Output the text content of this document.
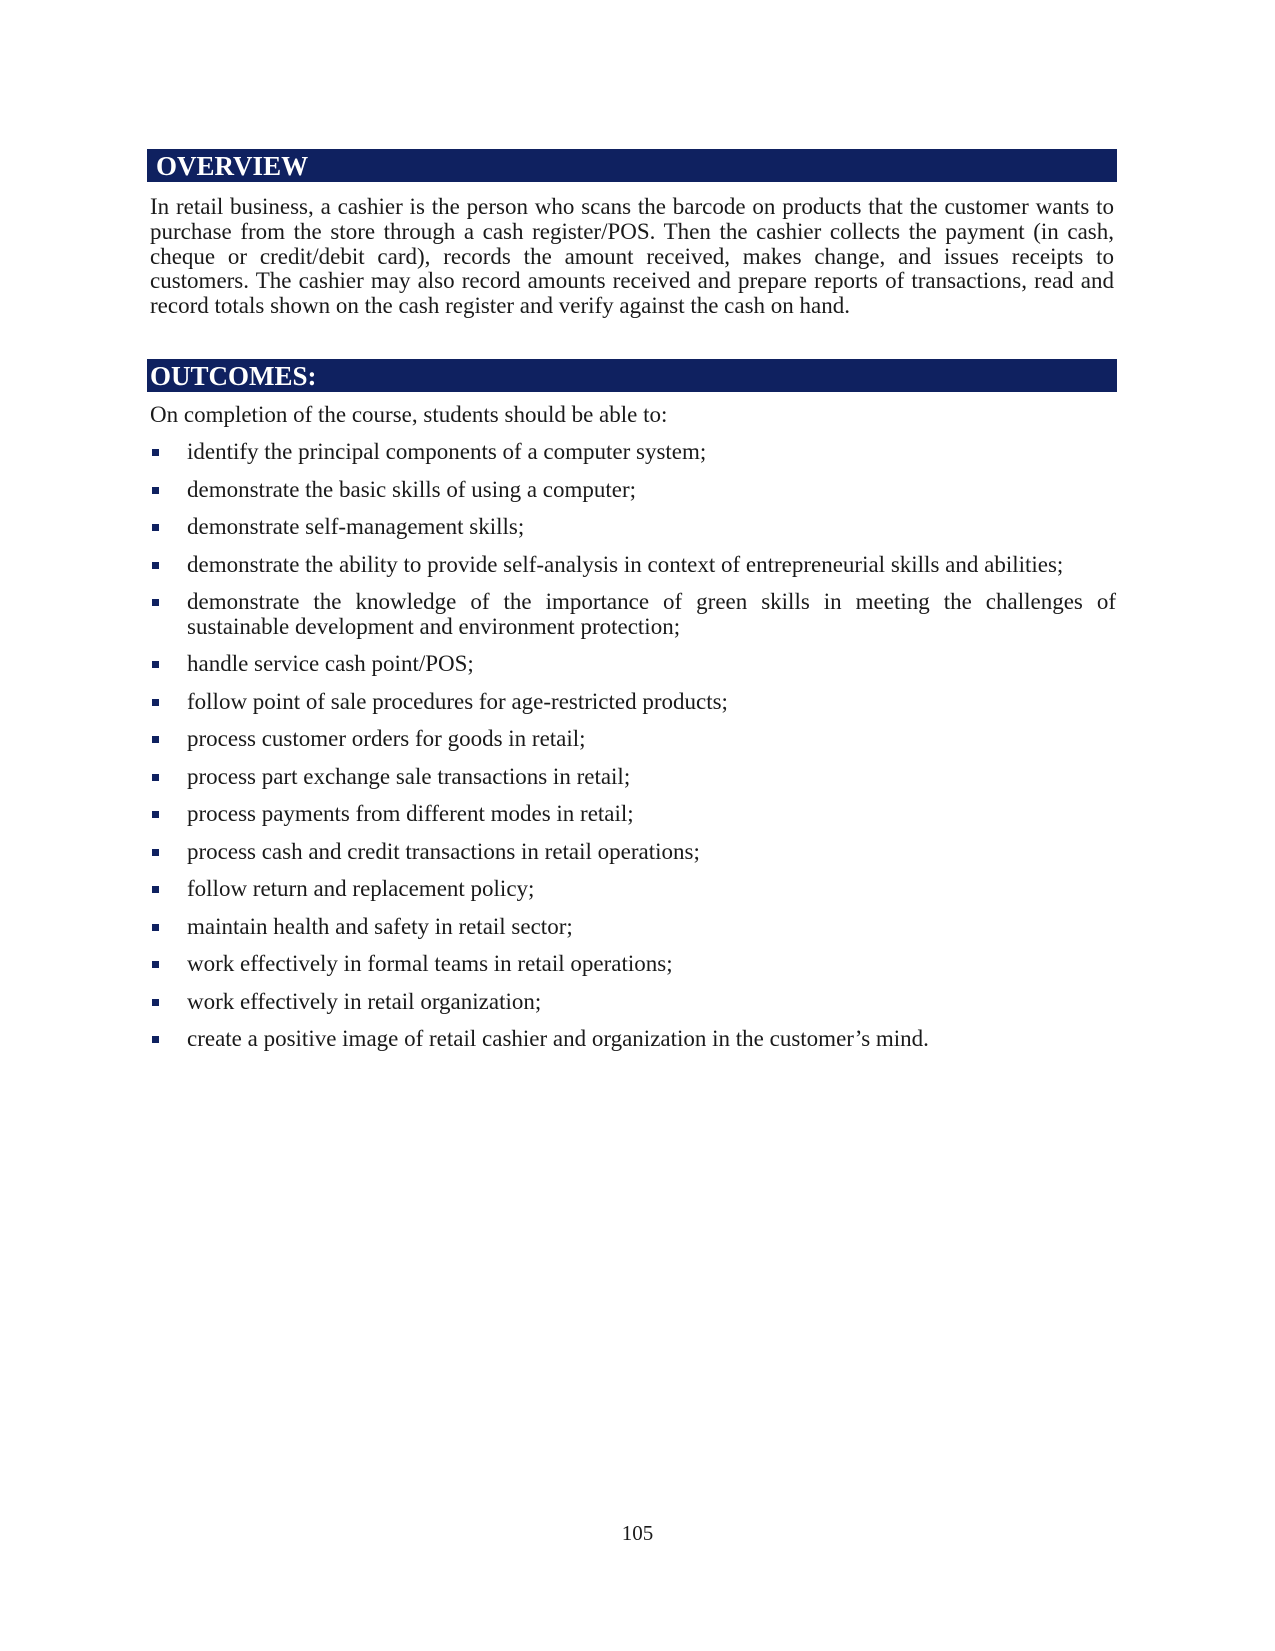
OVERVIEW

In retail business, a cashier is the person who scans the barcode on products that the customer wants to purchase from the store through a cash register/POS. Then the cashier collects the payment (in cash, cheque or credit/debit card), records the amount received, makes change, and issues receipts to customers. The cashier may also record amounts received and prepare reports of transactions, read and record totals shown on the cash register and verify against the cash on hand.

OUTCOMES:

On completion of the course, students should be able to:

identify the principal components of a computer system;
demonstrate the basic skills of using a computer;
demonstrate self-management skills;
demonstrate the ability to provide self-analysis in context of entrepreneurial skills and abilities;
demonstrate the knowledge of the importance of green skills in meeting the challenges of sustainable development and environment protection;
handle service cash point/POS;
follow point of sale procedures for age-restricted products;
process customer orders for goods in retail;
process part exchange sale transactions in retail;
process payments from different modes in retail;
process cash and credit transactions in retail operations;
follow return and replacement policy;
maintain health and safety in retail sector;
work effectively in formal teams in retail operations;
work effectively in retail organization;
create a positive image of retail cashier and organization in the customer’s mind.

105
